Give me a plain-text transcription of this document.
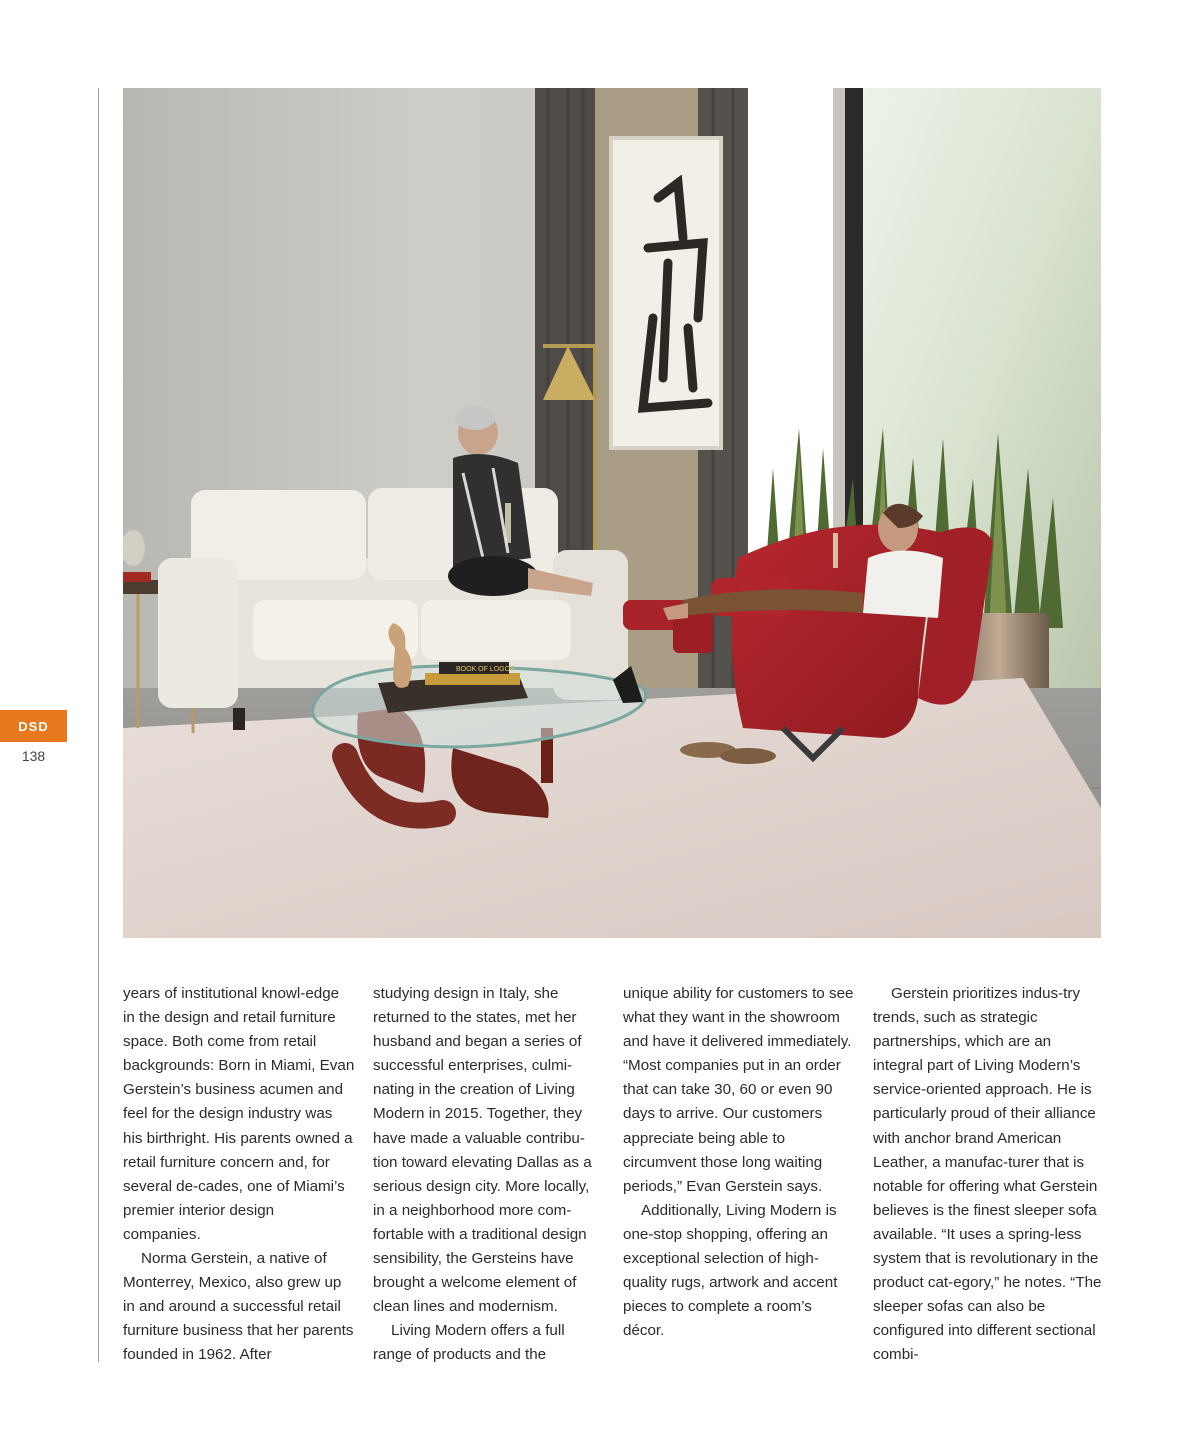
DSD
138
BOOK OF LOGOS

years of institutional knowl-edge in the design and retail furniture space. Both come from retail backgrounds: Born in Miami, Evan Gerstein’s business acumen and feel for the design industry was his birthright. His parents owned a retail furniture concern and, for several de-cades, one of Miami’s premier interior design companies.

Norma Gerstein, a native of Monterrey, Mexico, also grew up in and around a successful retail furniture business that her parents founded in 1962. After

studying design in Italy, she returned to the states, met her husband and began a series of successful enterprises, culmi-nating in the creation of Living Modern in 2015. Together, they have made a valuable contribu-tion toward elevating Dallas as a serious design city. More locally, in a neighborhood more com-fortable with a traditional design sensibility, the Gersteins have brought a welcome element of clean lines and modernism.

Living Modern offers a full range of products and the

unique ability for customers to see what they want in the showroom and have it delivered immediately. “Most companies put in an order that can take 30, 60 or even 90 days to arrive. Our customers appreciate being able to circumvent those long waiting periods,” Evan Gerstein says.

Additionally, Living Modern is one-stop shopping, offering an exceptional selection of high-quality rugs, artwork and accent pieces to complete a room’s décor.

Gerstein prioritizes indus-try trends, such as strategic partnerships, which are an integral part of Living Modern’s service-oriented approach. He is particularly proud of their alliance with anchor brand American Leather, a manufac-turer that is notable for offering what Gerstein believes is the finest sleeper sofa available. “It uses a spring-less system that is revolutionary in the product cat-egory,” he notes. “The sleeper sofas can also be configured into different sectional combi-
